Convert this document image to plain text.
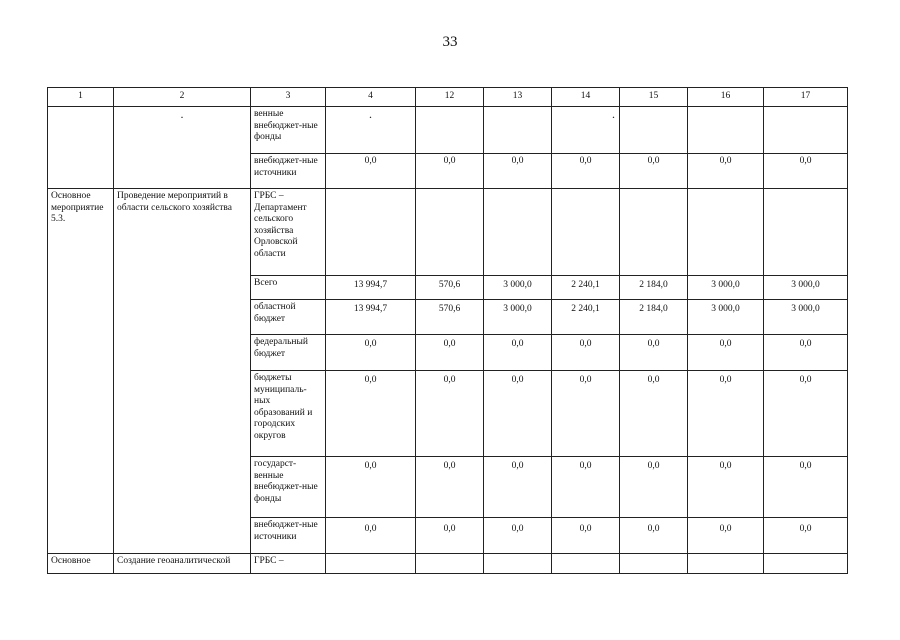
33
1	2	3	4	12	13	14	15	16	17
	.	венные внебюджет-ные фонды	.			.			
		внебюджет-ные источники	0,0	0,0	0,0	0,0	0,0	0,0	0,0
Основное мероприятие 5.3.	Проведение мероприятий в области сельского хозяйства	ГРБС – Департамент сельского хозяйства Орловской области							
		Всего	13 994,7	570,6	3 000,0	2 240,1	2 184,0	3 000,0	3 000,0
		областной бюджет	13 994,7	570,6	3 000,0	2 240,1	2 184,0	3 000,0	3 000,0
		федеральный бюджет	0,0	0,0	0,0	0,0	0,0	0,0	0,0
		бюджеты муниципаль-ных образований и городских округов	0,0	0,0	0,0	0,0	0,0	0,0	0,0
		государст-венные внебюджет-ные фонды	0,0	0,0	0,0	0,0	0,0	0,0	0,0
		внебюджет-ные источники	0,0	0,0	0,0	0,0	0,0	0,0	0,0
Основное	Создание геоаналитической	ГРБС –							
